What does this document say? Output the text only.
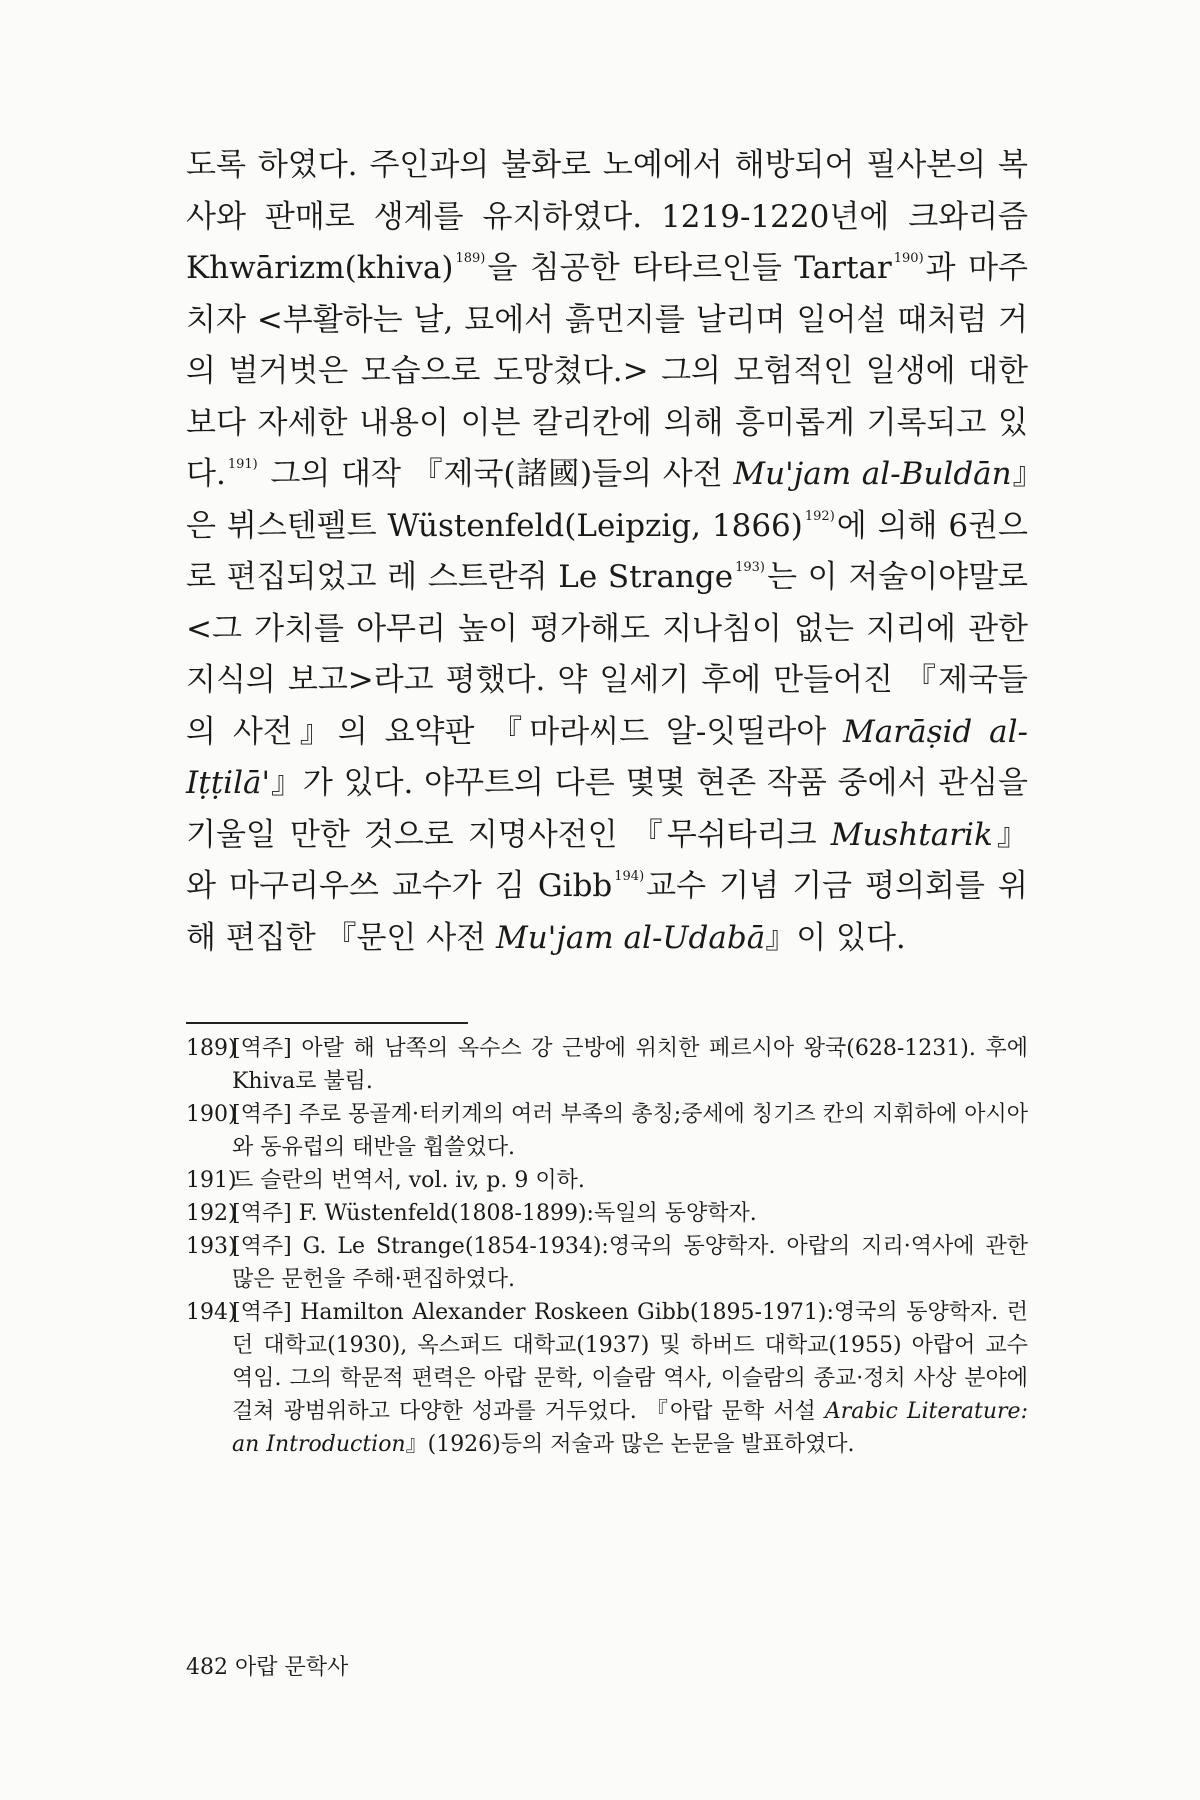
도록 하였다. 주인과의 불화로 노예에서 해방되어 필사본의 복사와 판매로 생계를 유지하였다. 1219-1220년에 크와리즘 Khwārizm(khiva) $^{189)}$을 침공한 타타르인들 Tartar $^{190)}$과 마주치자 <부활하는 날, 묘에서 흙먼지를 날리며 일어설 때처럼 거의 벌거벗은 모습으로 도망쳤다.> 그의 모험적인 일생에 대한 보다 자세한 내용이 이븐 칼리칸에 의해 흥미롭게 기록되고 있다. $^{191)}$ 그의 대작 『제국(諸國)들의 사전 Mu'jam al-Buldān』은 뷔스텐펠트 Wüstenfeld(Leipzig, 1866) $^{192)}$에 의해 6권으로 편집되었고 레 스트란쥐 Le Strange $^{193)}$는 이 저술이야말로 <그 가치를 아무리 높이 평가해도 지나침이 없는 지리에 관한 지식의 보고>라고 평했다. 약 일세기 후에 만들어진 『제국들의 사전』의 요약판 『마라씨드 알-잇띨라아 Marāṣid al-Iṭṭilā'』가 있다. 야꾸트의 다른 몇몇 현존 작품 중에서 관심을 기울일 만한 것으로 지명사전인 『무쉬타리크 Mushtarik』와 마구리우쓰 교수가 김 Gibb $^{194)}$교수 기념 기금 평의회를 위해 편집한 『문인 사전 Mu'jam al-Udabā』이 있다.

189)
[역주] 아랄 해 남쪽의 옥수스 강 근방에 위치한 페르시아 왕국(628-1231). 후에 Khiva로 불림.
190)
[역주] 주로 몽골계·터키계의 여러 부족의 총칭;중세에 칭기즈 칸의 지휘하에 아시아와 동유럽의 태반을 휩쓸었다.
191)
드 슬란의 번역서, vol. iv, p. 9 이하.
192)
[역주] F. Wüstenfeld(1808-1899):독일의 동양학자.
193)
[역주] G. Le Strange(1854-1934):영국의 동양학자. 아랍의 지리·역사에 관한 많은 문헌을 주해·편집하였다.
194)
[역주] Hamilton Alexander Roskeen Gibb(1895-1971):영국의 동양학자. 런던 대학교(1930), 옥스퍼드 대학교(1937) 및 하버드 대학교(1955) 아랍어 교수 역임. 그의 학문적 편력은 아랍 문학, 이슬람 역사, 이슬람의 종교·정치 사상 분야에 걸쳐 광범위하고 다양한 성과를 거두었다. 『아랍 문학 서설 Arabic Literature: an Introduction』(1926)등의 저술과 많은 논문을 발표하였다.
482 아랍 문학사
